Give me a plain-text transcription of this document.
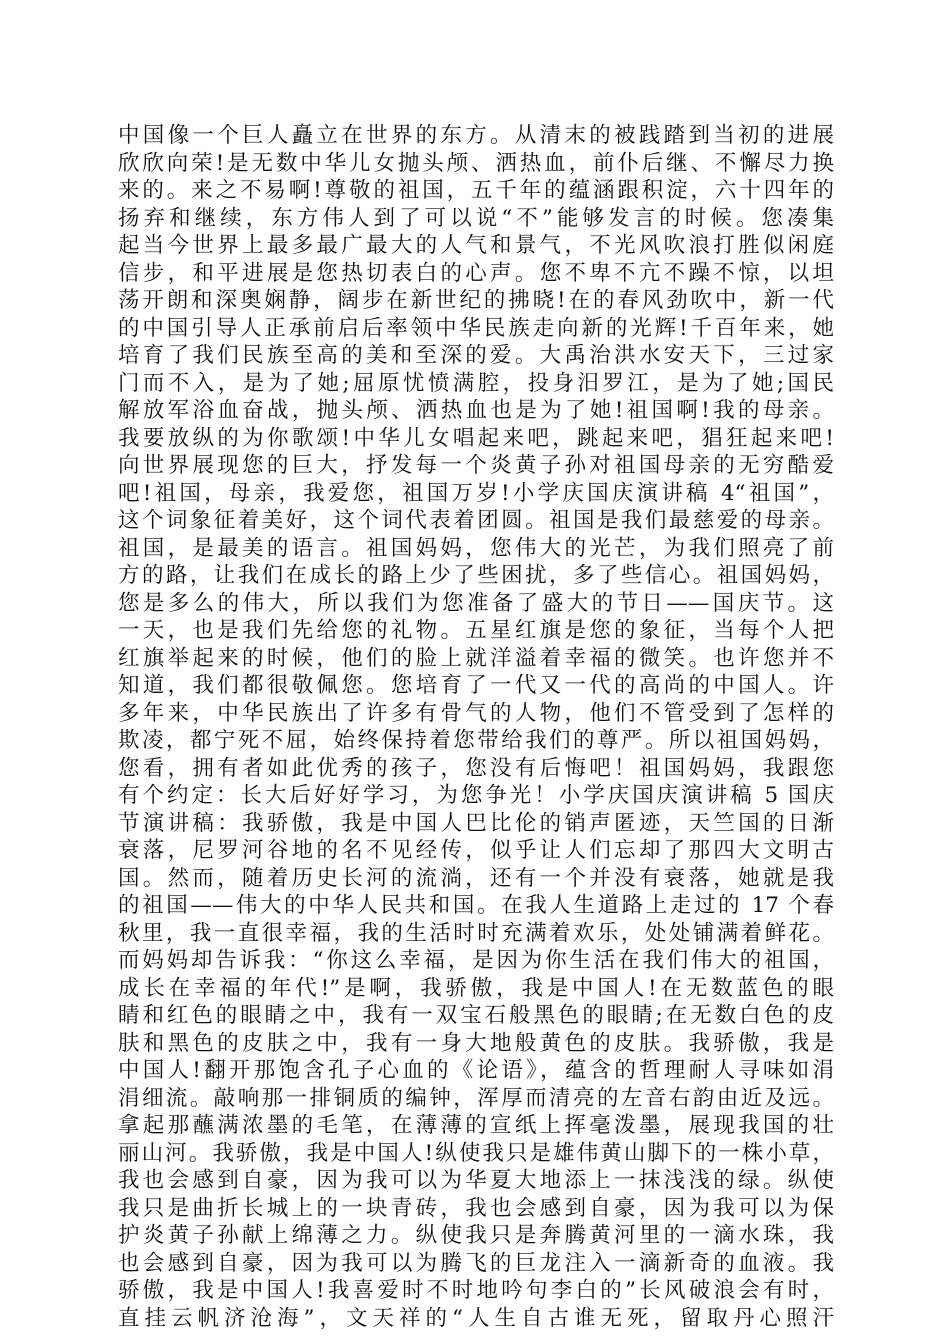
中国像一个巨人矗立在世界的东方。从清末的被践踏到当初的进展
欣欣向荣!是无数中华儿女抛头颅、洒热血，前仆后继、不懈尽力换
来的。来之不易啊!尊敬的祖国，五千年的蕴涵跟积淀，六十四年的
扬弃和继续，东方伟人到了可以说“不”能够发言的时候。您凑集
起当今世界上最多最广最大的人气和景气，不光风吹浪打胜似闲庭
信步，和平进展是您热切表白的心声。您不卑不亢不躁不惊，以坦
荡开朗和深奥娴静，阔步在新世纪的拂晓!在的春风劲吹中，新一代
的中国引导人正承前启后率领中华民族走向新的光辉!千百年来，她
培育了我们民族至高的美和至深的爱。大禹治洪水安天下，三过家
门而不入，是为了她;屈原忧愤满腔，投身汨罗江，是为了她;国民
解放军浴血奋战，抛头颅、洒热血也是为了她!祖国啊!我的母亲。
我要放纵的为你歌颂!中华儿女唱起来吧，跳起来吧，猖狂起来吧!
向世界展现您的巨大，抒发每一个炎黄子孙对祖国母亲的无穷酷爱
吧!祖国，母亲，我爱您，祖国万岁!小学庆国庆演讲稿 4“祖国”，
这个词象征着美好，这个词代表着团圆。祖国是我们最慈爱的母亲。
祖国，是最美的语言。祖国妈妈，您伟大的光芒，为我们照亮了前
方的路，让我们在成长的路上少了些困扰，多了些信心。祖国妈妈，
您是多么的伟大，所以我们为您准备了盛大的节日——国庆节。这
一天，也是我们先给您的礼物。五星红旗是您的象征，当每个人把
红旗举起来的时候，他们的脸上就洋溢着幸福的微笑。也许您并不
知道，我们都很敬佩您。您培育了一代又一代的高尚的中国人。许
多年来，中华民族出了许多有骨气的人物，他们不管受到了怎样的
欺凌，都宁死不屈，始终保持着您带给我们的尊严。所以祖国妈妈，
您看，拥有者如此优秀的孩子，您没有后悔吧！祖国妈妈，我跟您
有个约定：长大后好好学习，为您争光！小学庆国庆演讲稿 5 国庆
节演讲稿：我骄傲，我是中国人巴比伦的销声匿迹，天竺国的日渐
衰落，尼罗河谷地的名不见经传，似乎让人们忘却了那四大文明古
国。然而，随着历史长河的流淌，还有一个并没有衰落，她就是我
的祖国——伟大的中华人民共和国。在我人生道路上走过的 17 个春
秋里，我一直很幸福，我的生活时时充满着欢乐，处处铺满着鲜花。
而妈妈却告诉我：“你这么幸福，是因为你生活在我们伟大的祖国，
成长在幸福的年代!”是啊，我骄傲，我是中国人!在无数蓝色的眼
睛和红色的眼睛之中，我有一双宝石般黑色的眼睛;在无数白色的皮
肤和黑色的皮肤之中，我有一身大地般黄色的皮肤。我骄傲，我是
中国人!翻开那饱含孔子心血的《论语》，蕴含的哲理耐人寻味如涓
涓细流。敲响那一排铜质的编钟，浑厚而清亮的左音右韵由近及远。
拿起那蘸满浓墨的毛笔，在薄薄的宣纸上挥毫泼墨，展现我国的壮
丽山河。我骄傲，我是中国人!纵使我只是雄伟黄山脚下的一株小草，
我也会感到自豪，因为我可以为华夏大地添上一抹浅浅的绿。纵使
我只是曲折长城上的一块青砖，我也会感到自豪，因为我可以为保
护炎黄子孙献上绵薄之力。纵使我只是奔腾黄河里的一滴水珠，我
也会感到自豪，因为我可以为腾飞的巨龙注入一滴新奇的血液。我
骄傲，我是中国人!我喜爱时不时地吟句李白的”长风破浪会有时，
直挂云帆济沧海”，文天祥的“人生自古谁无死，留取丹心照汗
